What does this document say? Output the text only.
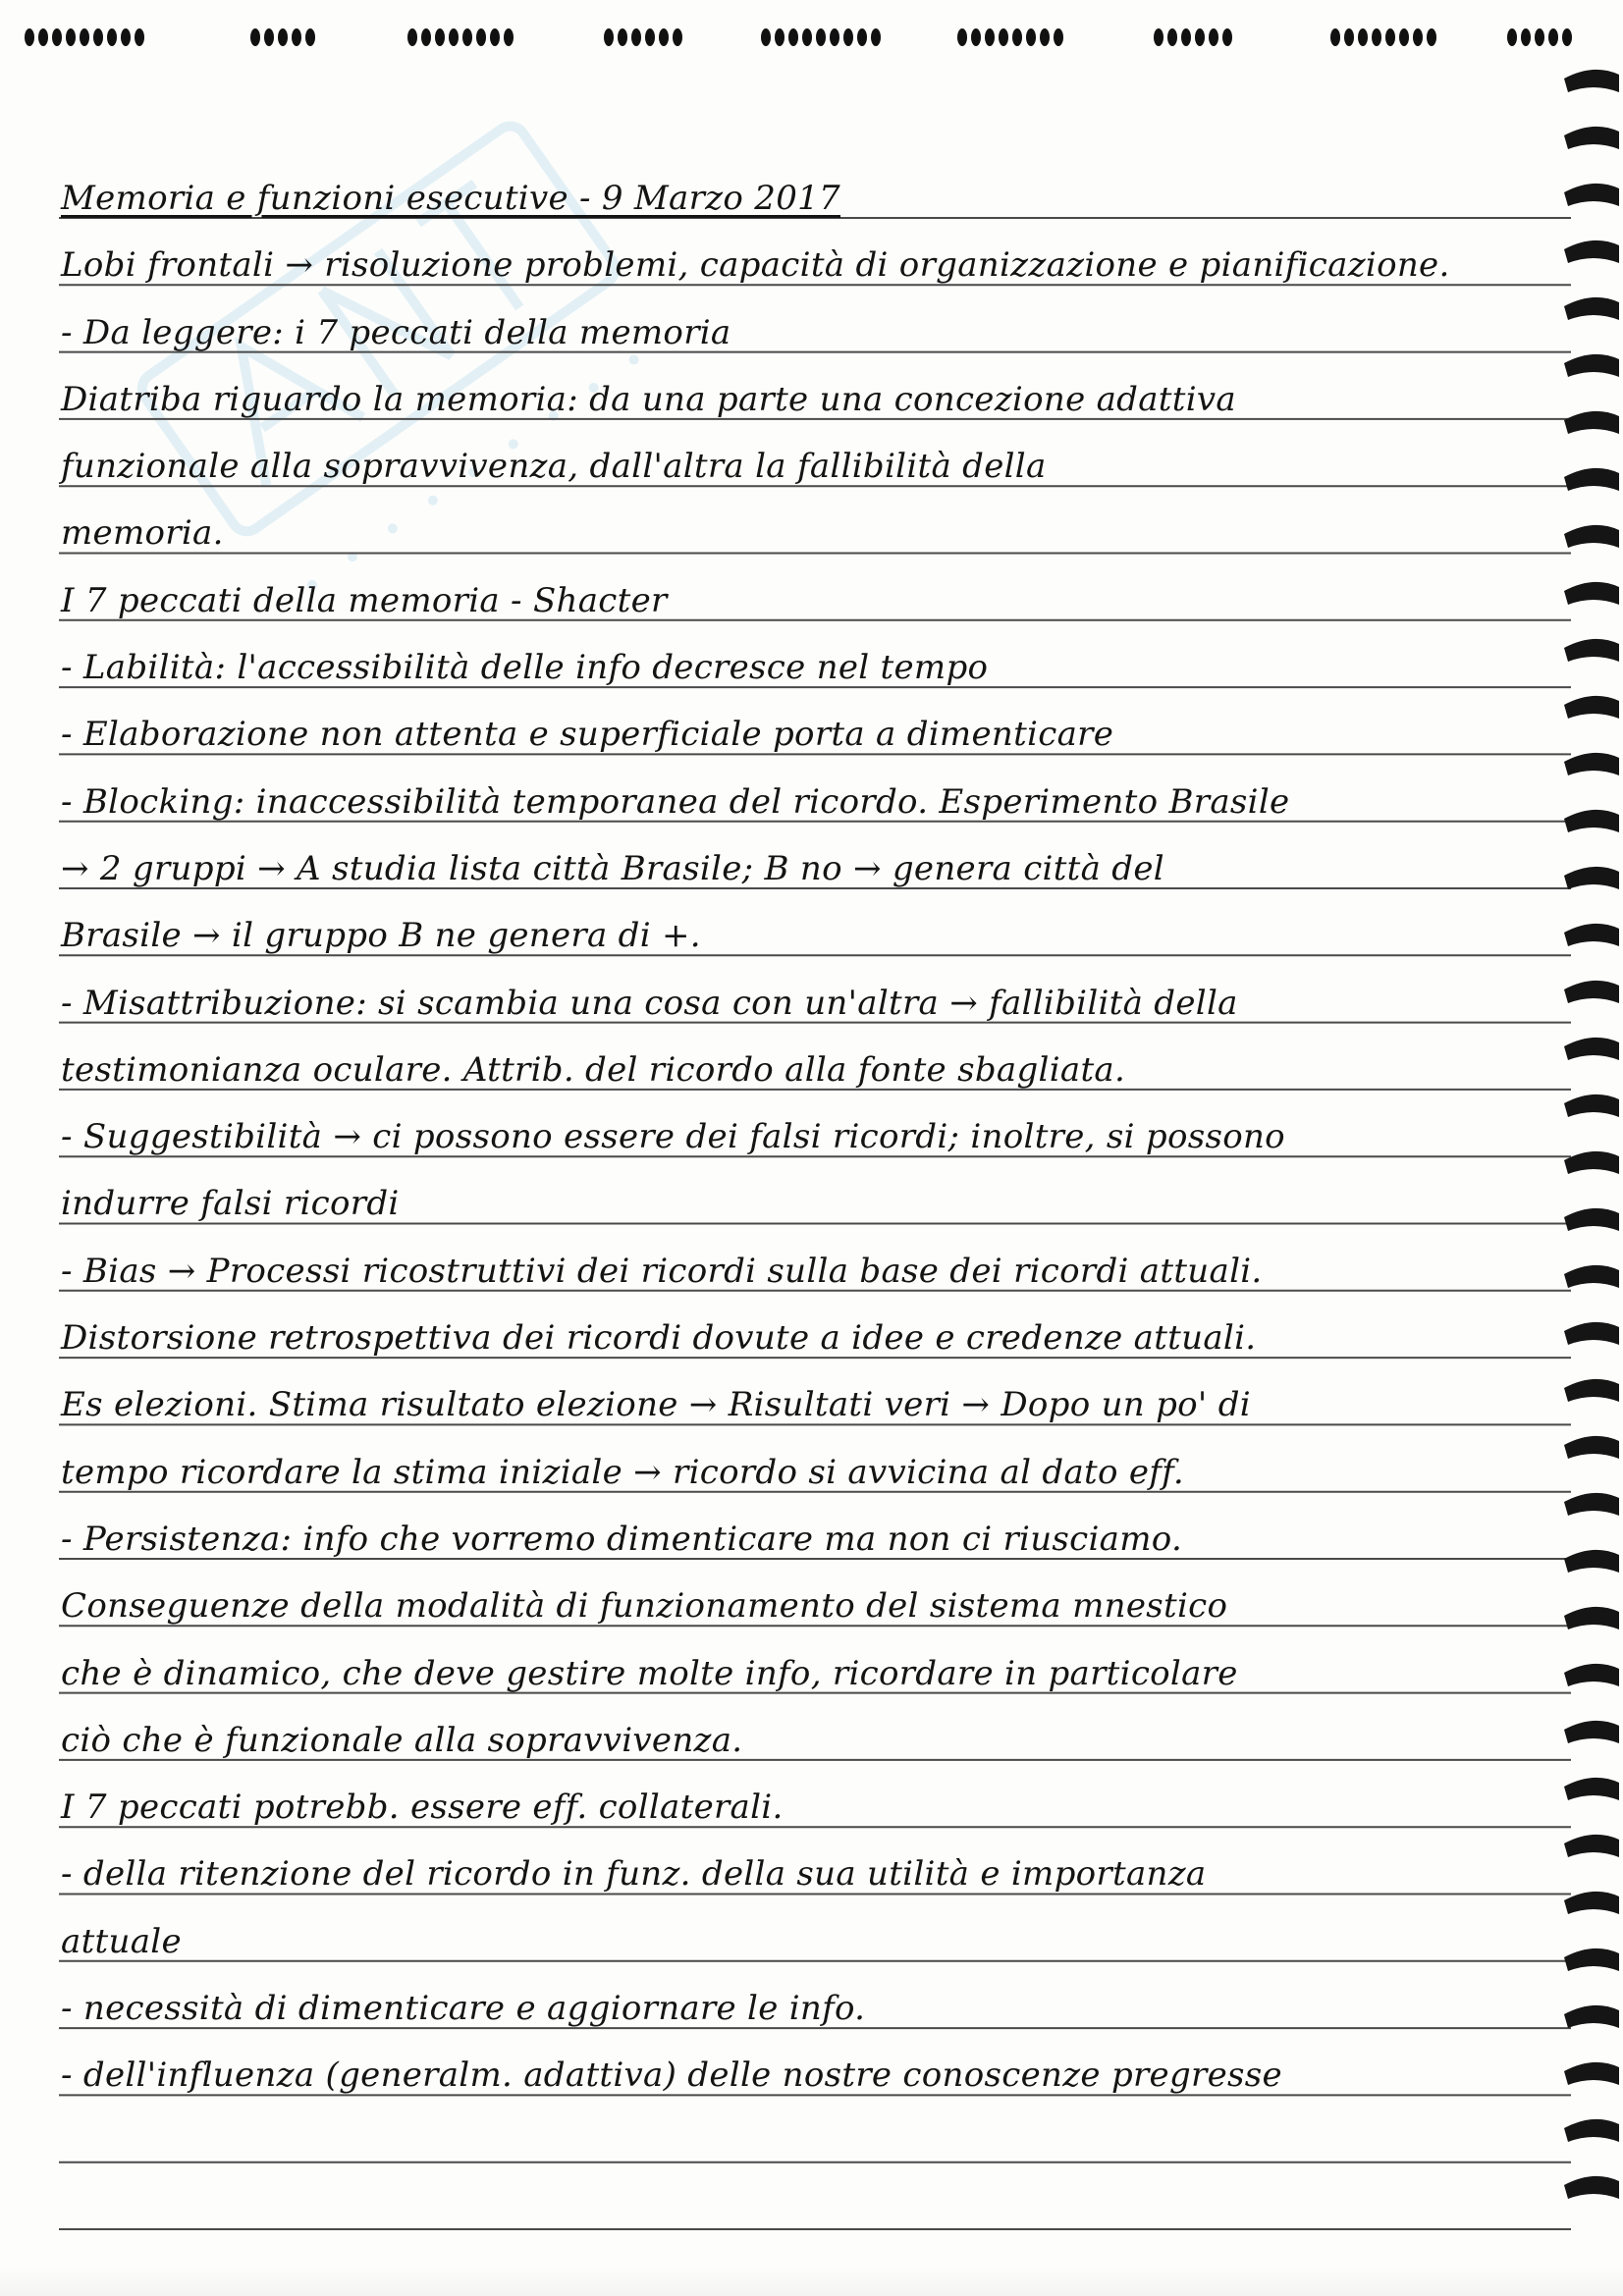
Memoria e funzioni esecutive - 9 Marzo 2017
Lobi frontali → risoluzione problemi, capacità di organizzazione e pianificazione.
- Da leggere: i 7 peccati della memoria
Diatriba riguardo la memoria: da una parte una concezione adattiva
funzionale alla sopravvivenza, dall'altra la fallibilità della
memoria.
I 7 peccati della memoria - Shacter
- Labilità: l'accessibilità delle info decresce nel tempo
- Elaborazione non attenta e superficiale porta a dimenticare
- Blocking: inaccessibilità temporanea del ricordo. Esperimento Brasile
→ 2 gruppi → A studia lista città Brasile; B no → genera città del
Brasile → il gruppo B ne genera di +.
- Misattribuzione: si scambia una cosa con un'altra → fallibilità della
testimonianza oculare. Attrib. del ricordo alla fonte sbagliata.
- Suggestibilità → ci possono essere dei falsi ricordi; inoltre, si possono
indurre falsi ricordi
- Bias → Processi ricostruttivi dei ricordi sulla base dei ricordi attuali.
Distorsione retrospettiva dei ricordi dovute a idee e credenze attuali.
Es elezioni. Stima risultato elezione → Risultati veri → Dopo un po' di
tempo ricordare la stima iniziale → ricordo si avvicina al dato eff.
- Persistenza: info che vorremo dimenticare ma non ci riusciamo.
Conseguenze della modalità di funzionamento del sistema mnestico
che è dinamico, che deve gestire molte info, ricordare in particolare
ciò che è funzionale alla sopravvivenza.
I 7 peccati potrebb. essere eff. collaterali.
- della ritenzione del ricordo in funz. della sua utilità e importanza
attuale
- necessità di dimenticare e aggiornare le info.
- dell'influenza (generalm. adattiva) delle nostre conoscenze pregresse
